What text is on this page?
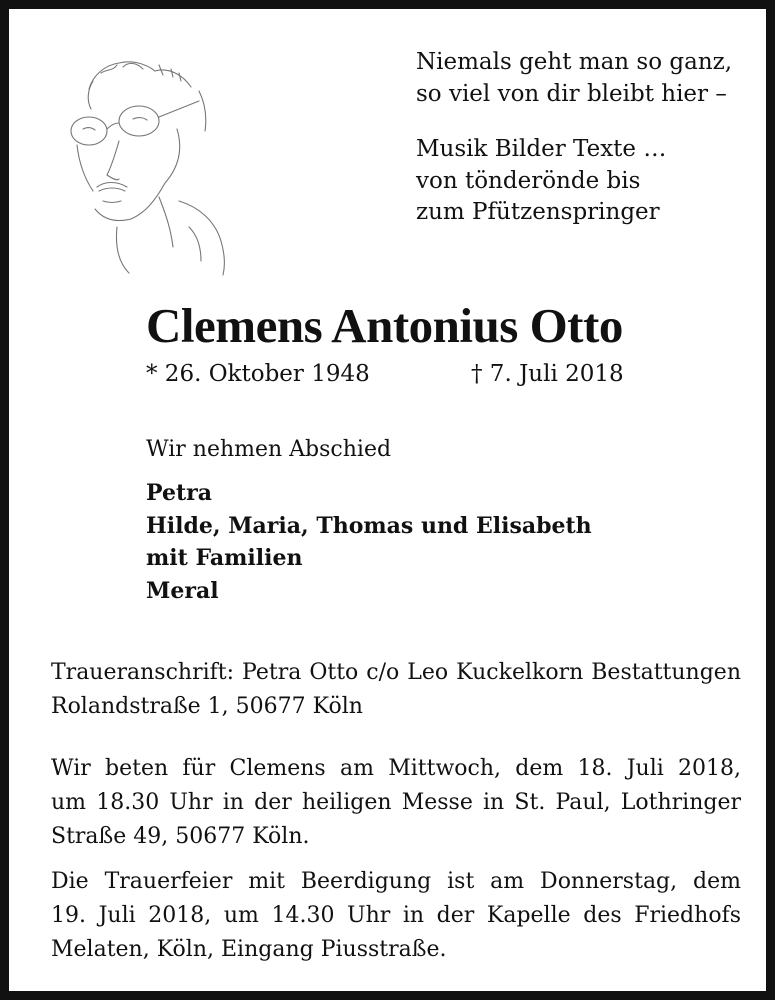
Niemals geht man so ganz,
so viel von dir bleibt hier –
Musik Bilder Texte …
von tönderönde bis
zum Pfützenspringer
Clemens Antonius Otto
* 26. Oktober 1948	† 7. Juli 2018
Wir nehmen Abschied
Petra
Hilde, Maria, Thomas und Elisabeth
mit Familien
Meral
Traueranschrift: Petra Otto c/o Leo Kuckelkorn Bestattungen
Rolandstraße 1, 50677 Köln
Wir beten für Clemens am Mittwoch, dem 18. Juli 2018,
um 18.30 Uhr in der heiligen Messe in St. Paul, Lothringer
Straße 49, 50677 Köln.
Die Trauerfeier mit Beerdigung ist am Donnerstag, dem
19. Juli 2018, um 14.30 Uhr in der Kapelle des Friedhofs
Melaten, Köln, Eingang Piusstraße.
